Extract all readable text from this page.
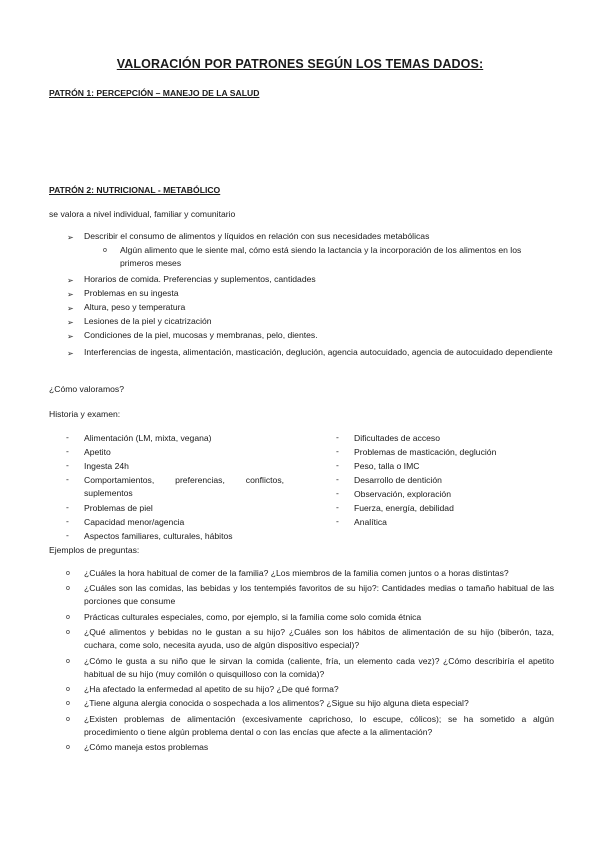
VALORACIÓN POR PATRONES SEGÚN LOS TEMAS DADOS:
PATRÓN 1: PERCEPCIÓN – MANEJO DE LA SALUD
PATRÓN 2: NUTRICIONAL - METABÓLICO
se valora a nivel individual, familiar y comunitario
➢ Describir el consumo de alimentos y líquidos en relación con sus necesidades metabólicas
o Algún alimento que le siente mal, cómo está siendo la lactancia y la incorporación de los alimentos en los primeros meses
➢ Horarios de comida. Preferencias y suplementos, cantidades
➢ Problemas en su ingesta
➢ Altura, peso y temperatura
➢ Lesiones de la piel y cicatrización
➢ Condiciones de la piel, mucosas y membranas, pelo, dientes.
➢ Interferencias de ingesta, alimentación, masticación, deglución, agencia autocuidado, agencia de autocuidado dependiente
¿Cómo valoramos?
Historia y examen:
- Alimentación (LM, mixta, vegana)
- Apetito
- Ingesta 24h
- Comportamientos, preferencias, conflictos, suplementos
- Problemas de piel
- Capacidad menor/agencia
- Aspectos familiares, culturales, hábitos
- Dificultades de acceso
- Problemas de masticación, deglución
- Peso, talla o IMC
- Desarrollo de dentición
- Observación, exploración
- Fuerza, energía, debilidad
- Analítica
Ejemplos de preguntas:
o ¿Cuáles la hora habitual de comer de la familia? ¿Los miembros de la familia comen juntos o a horas distintas?
o ¿Cuáles son las comidas, las bebidas y los tentempiés favoritos de su hijo?: Cantidades medias o tamaño habitual de las porciones que consume
o Prácticas culturales especiales, como, por ejemplo, si la familia come solo comida étnica
o ¿Qué alimentos y bebidas no le gustan a su hijo? ¿Cuáles son los hábitos de alimentación de su hijo (biberón, taza, cuchara, come solo, necesita ayuda, uso de algún dispositivo especial)?
o ¿Cómo le gusta a su niño que le sirvan la comida (caliente, fría, un elemento cada vez)? ¿Cómo describiría el apetito habitual de su hijo (muy comilón o quisquilloso con la comida)?
o ¿Ha afectado la enfermedad al apetito de su hijo? ¿De qué forma?
o ¿Tiene alguna alergia conocida o sospechada a los alimentos? ¿Sigue su hijo alguna dieta especial?
o ¿Existen problemas de alimentación (excesivamente caprichoso, lo escupe, cólicos); se ha sometido a algún procedimiento o tiene algún problema dental o con las encías que afecte a la alimentación?
o ¿Cómo maneja estos problemas
